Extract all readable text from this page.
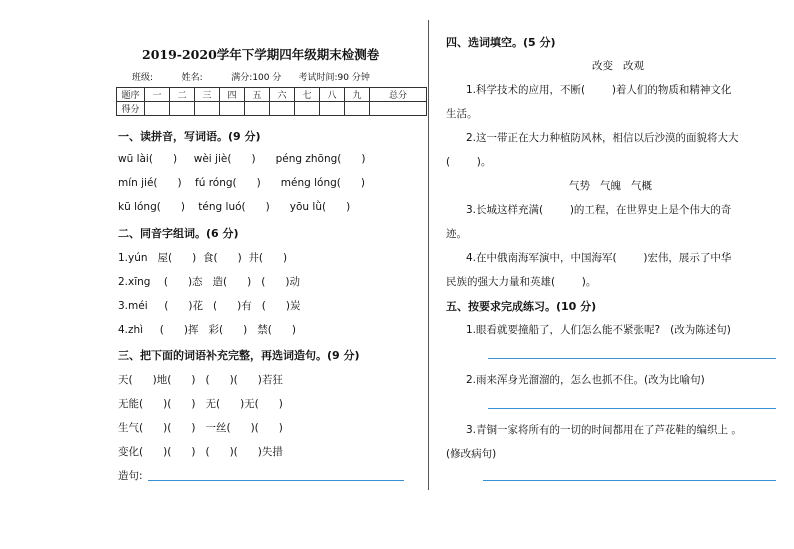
2019-2020学年下学期四年级期末检测卷
班级:          姓名:          满分:100 分      考试时间:90 分钟
题序	一	二	三	四	五	六	七	八	九	总分
得分										
一、读拼音，写词语。(9 分)
wū lài(      )     wèi jiè(      )      péng zhōng(      )
mín jié(      )    fú róng(      )      méng lóng(      )
kū lóng(      )    téng luó(      )      yōu lǜ(      )
二、同音字组词。(6 分)
1.yún   屋(      )  食(      )  井(      )
2.xīng    (      )态   造(      )   (      )动
3.méi     (      )花   (      )有   (      )炭
4.zhì     (      )挥   彩(      )   禁(      )
三、把下面的词语补充完整，再选词造句。(9 分)
天(      )地(      )   (      )(      )若狂
无能(      )(      )   无(      )无(      )
生气(      )(      )   一丝(      )(      )
变化(      )(      )   (      )(      )失措
造句:
四、选词填空。(5 分)
改变   改观
1.科学技术的应用，不断(        )着人们的物质和精神文化
生活。
2.这一带正在大力种植防风林，相信以后沙漠的面貌将大大
(        )。
气势   气魄   气概
3.长城这样充满(        )的工程，在世界史上是个伟大的奇
迹。
4.在中俄南海军演中，中国海军(        )宏伟，展示了中华
民族的强大力量和英雄(        )。
五、按要求完成练习。(10 分)
1.眼看就要撞船了，人们怎么能不紧张呢?   (改为陈述句)
2.雨来浑身光溜溜的，怎么也抓不住。(改为比喻句)
3.青铜一家将所有的一切的时间都用在了芦花鞋的编织上 。
(修改病句)
